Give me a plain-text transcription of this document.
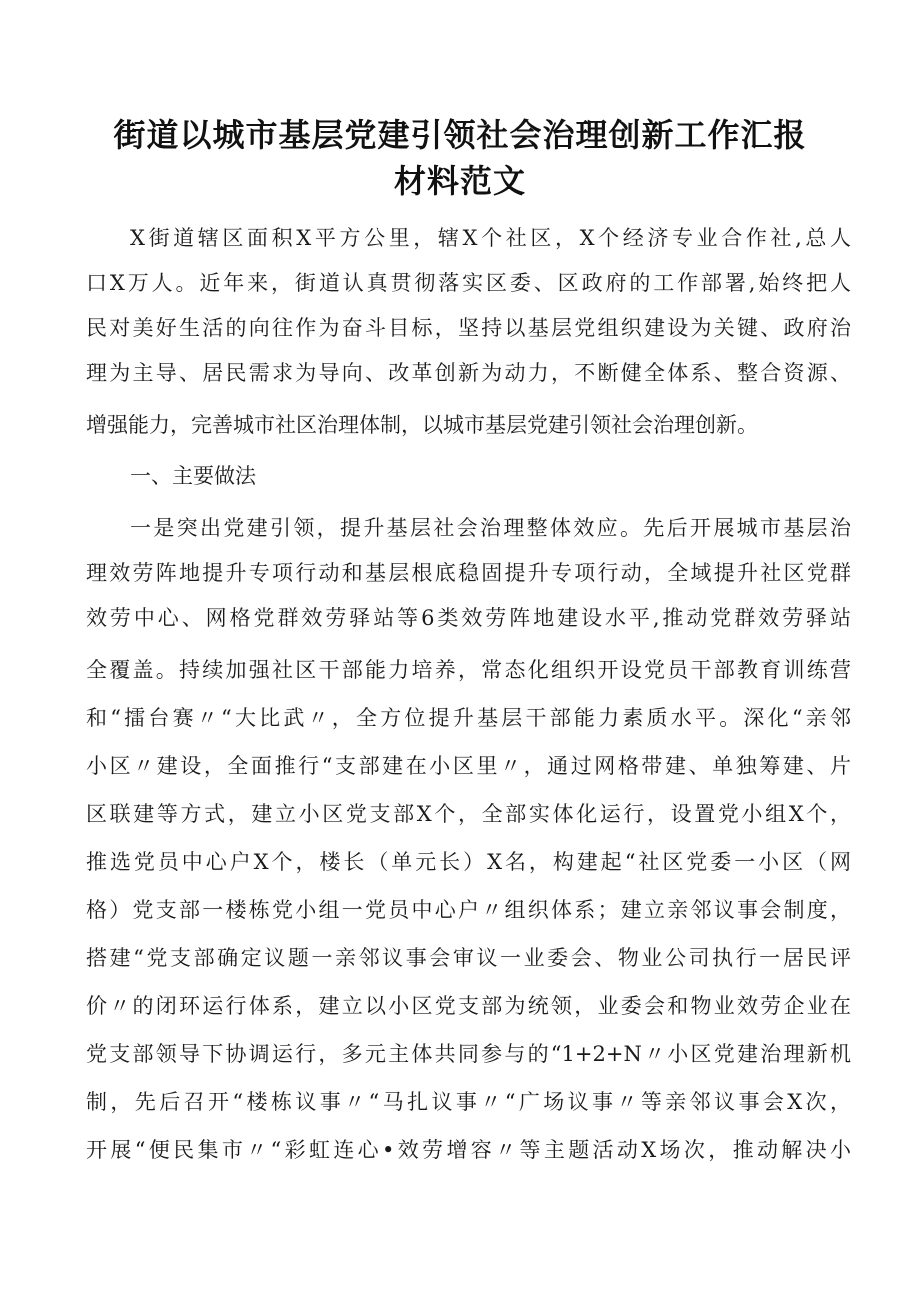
街道以城市基层党建引领社会治理创新工作汇报
材料范文
X街道辖区面积X平方公里，辖X个社区，X个经济专业合作社,总人
口X万人。近年来，街道认真贯彻落实区委、区政府的工作部署,始终把人
民对美好生活的向往作为奋斗目标，坚持以基层党组织建设为关键、政府治
理为主导、居民需求为导向、改革创新为动力，不断健全体系、整合资源、
增强能力，完善城市社区治理体制，以城市基层党建引领社会治理创新。
一、主要做法
一是突出党建引领，提升基层社会治理整体效应。先后开展城市基层治
理效劳阵地提升专项行动和基层根底稳固提升专项行动，全域提升社区党群
效劳中心、网格党群效劳驿站等6类效劳阵地建设水平,推动党群效劳驿站
全覆盖。持续加强社区干部能力培养，常态化组织开设党员干部教育训练营
和“擂台赛〃“大比武〃，全方位提升基层干部能力素质水平。深化“亲邻
小区〃建设，全面推行“支部建在小区里〃，通过网格带建、单独筹建、片
区联建等方式，建立小区党支部X个，全部实体化运行，设置党小组X个，
推选党员中心户X个，楼长（单元长）X名，构建起“社区党委一小区（网
格）党支部一楼栋党小组一党员中心户〃组织体系；建立亲邻议事会制度，
搭建“党支部确定议题一亲邻议事会审议一业委会、物业公司执行一居民评
价〃的闭环运行体系，建立以小区党支部为统领，业委会和物业效劳企业在
党支部领导下协调运行，多元主体共同参与的“1+2+N〃小区党建治理新机
制，先后召开“楼栋议事〃“马扎议事〃“广场议事〃等亲邻议事会X次，
开展“便民集市〃“彩虹连心•效劳增容〃等主题活动X场次，推动解决小
